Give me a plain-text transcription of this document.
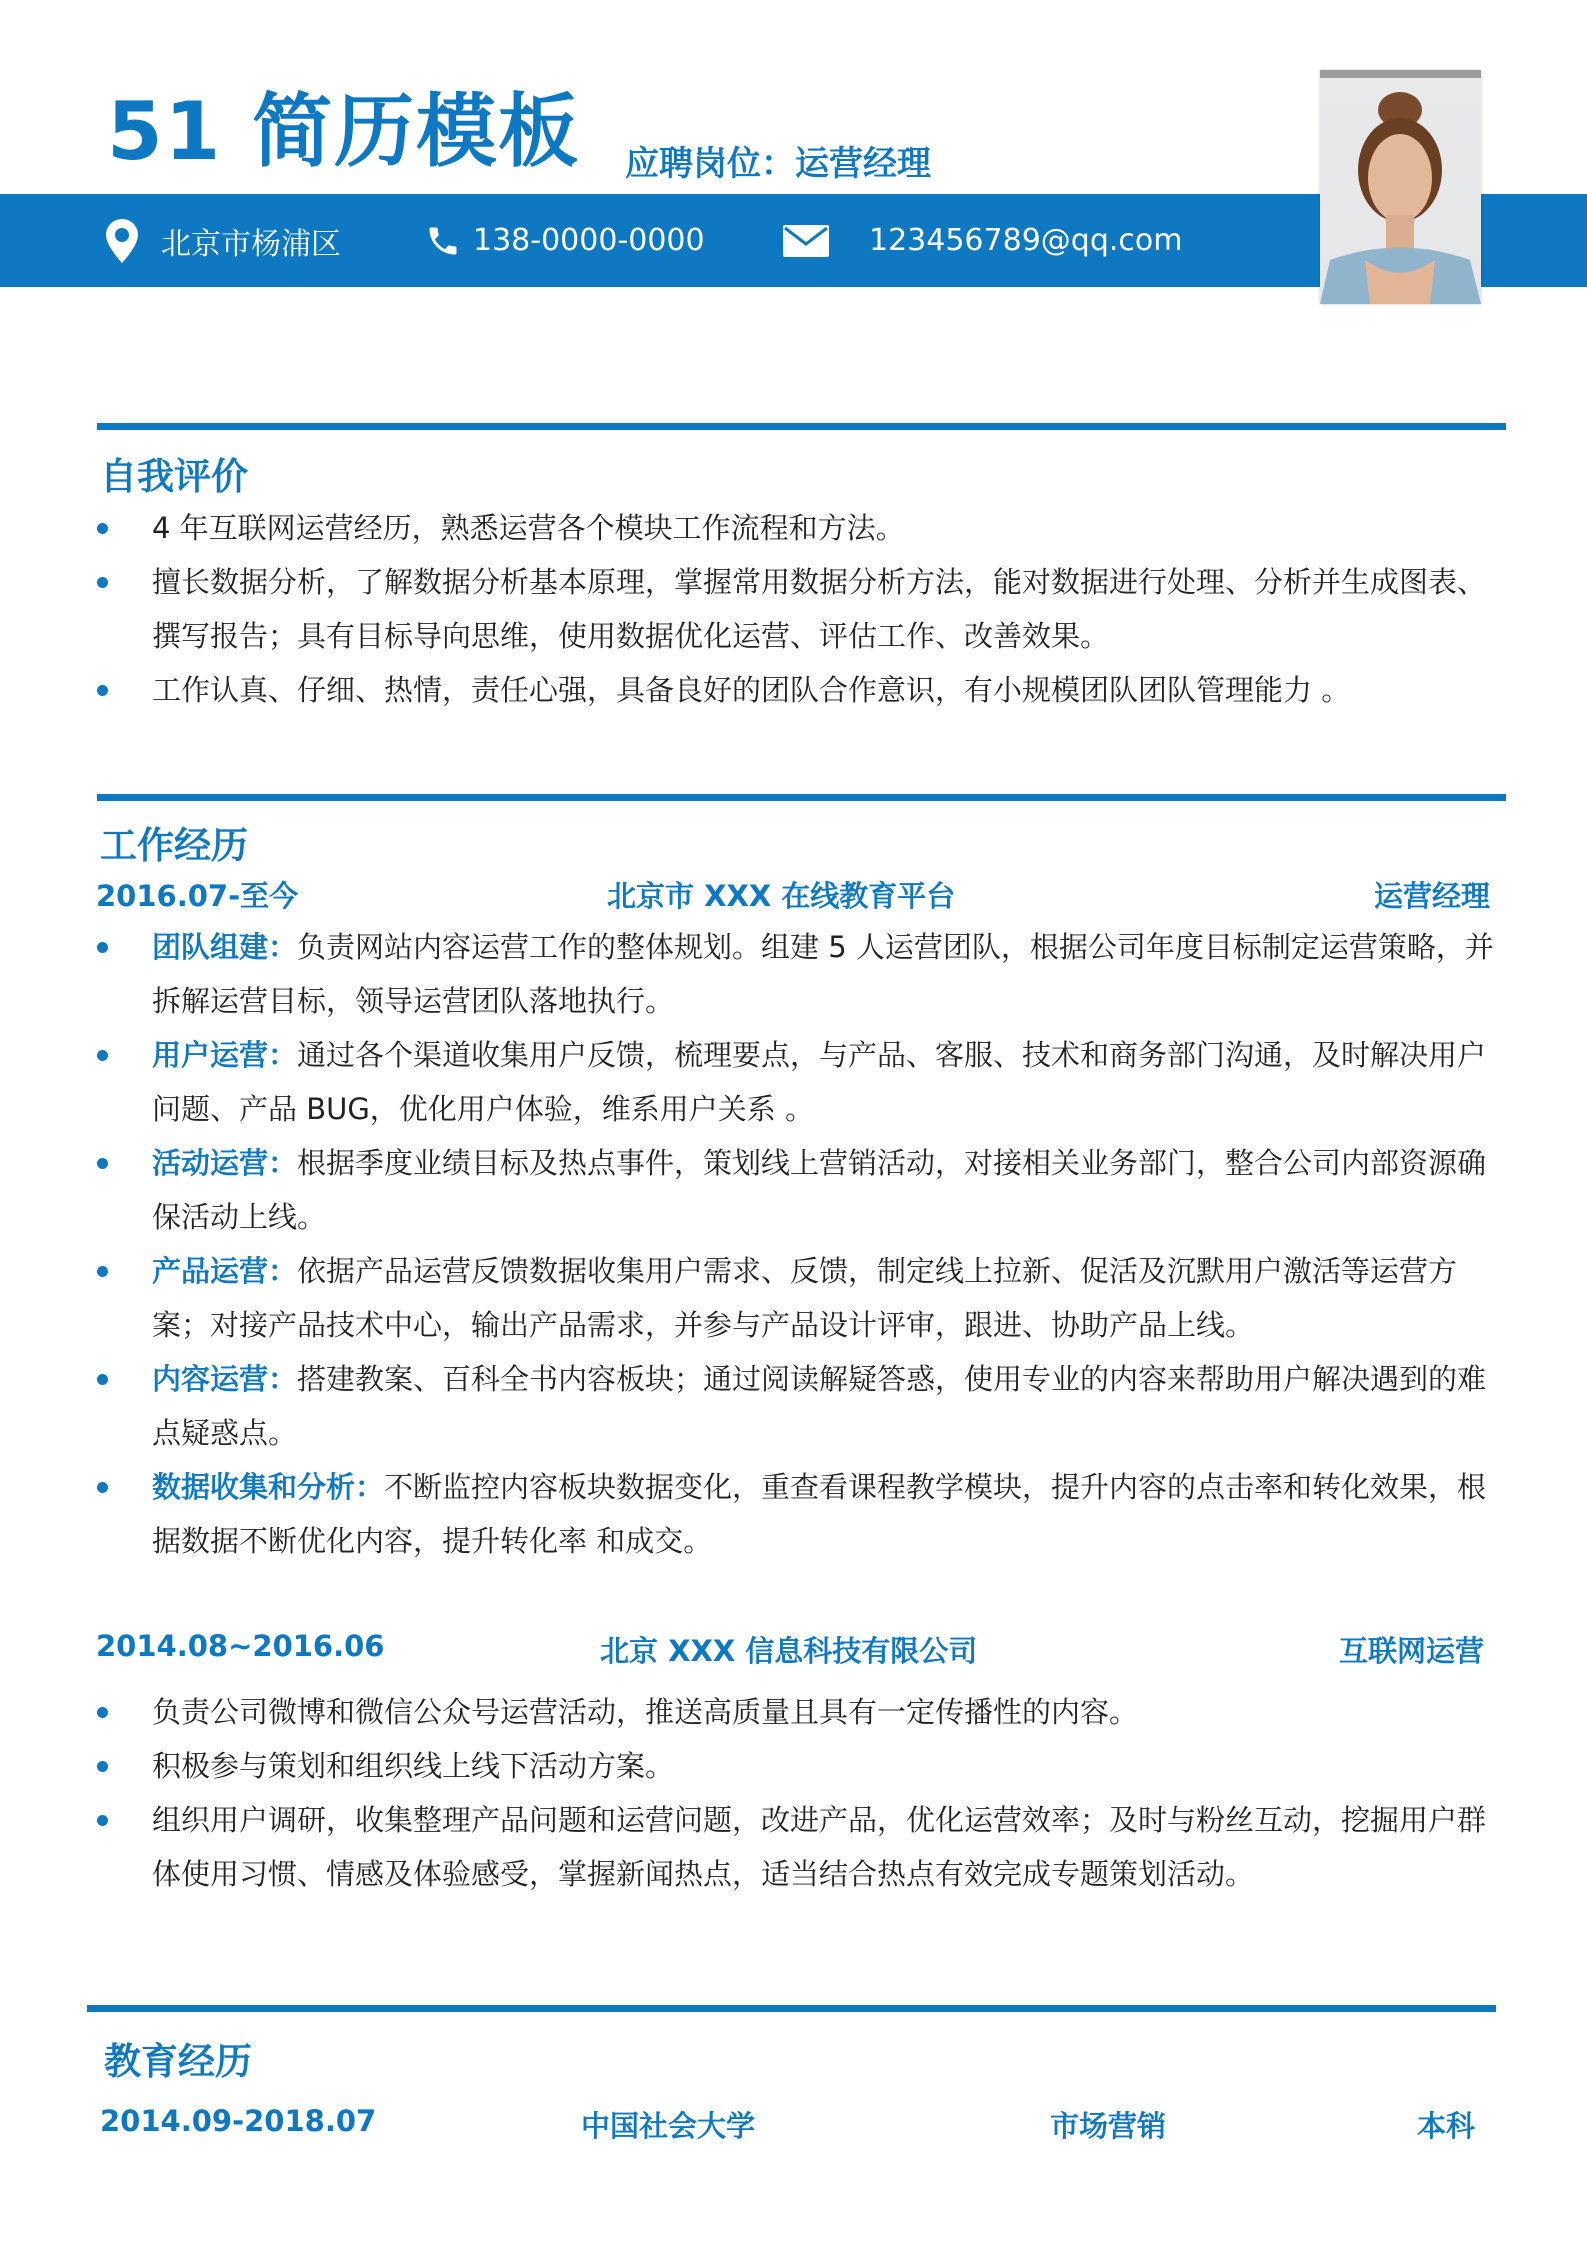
51 简历模板 应聘岗位：运营经理
北京市杨浦区	138-0000-0000	123456789@qq.com
自我评价
4 年互联网运营经历，熟悉运营各个模块工作流程和方法。
擅长数据分析，了解数据分析基本原理，掌握常用数据分析方法，能对数据进行处理、分析并生成图表、撰写报告；具有目标导向思维，使用数据优化运营、评估工作、改善效果。
工作认真、仔细、热情，责任心强，具备良好的团队合作意识，有小规模团队团队管理能力 。
工作经历
2016.07-至今	北京市 XXX 在线教育平台	运营经理
团队组建：负责网站内容运营工作的整体规划。组建 5 人运营团队，根据公司年度目标制定运营策略，并拆解运营目标，领导运营团队落地执行。
用户运营：通过各个渠道收集用户反馈，梳理要点，与产品、客服、技术和商务部门沟通，及时解决用户问题、产品 BUG，优化用户体验，维系用户关系 。
活动运营：根据季度业绩目标及热点事件，策划线上营销活动，对接相关业务部门，整合公司内部资源确保活动上线。
产品运营：依据产品运营反馈数据收集用户需求、反馈，制定线上拉新、促活及沉默用户激活等运营方案；对接产品技术中心，输出产品需求，并参与产品设计评审，跟进、协助产品上线。
内容运营：搭建教案、百科全书内容板块；通过阅读解疑答惑，使用专业的内容来帮助用户解决遇到的难点疑惑点。
数据收集和分析：不断监控内容板块数据变化，重查看课程教学模块，提升内容的点击率和转化效果，根据数据不断优化内容，提升转化率 和成交。
2014.08~2016.06	北京 XXX 信息科技有限公司	互联网运营
负责公司微博和微信公众号运营活动，推送高质量且具有一定传播性的内容。
积极参与策划和组织线上线下活动方案。
组织用户调研，收集整理产品问题和运营问题，改进产品，优化运营效率；及时与粉丝互动，挖掘用户群体使用习惯、情感及体验感受，掌握新闻热点，适当结合热点有效完成专题策划活动。
教育经历
2014.09-2018.07	中国社会大学	市场营销	本科
